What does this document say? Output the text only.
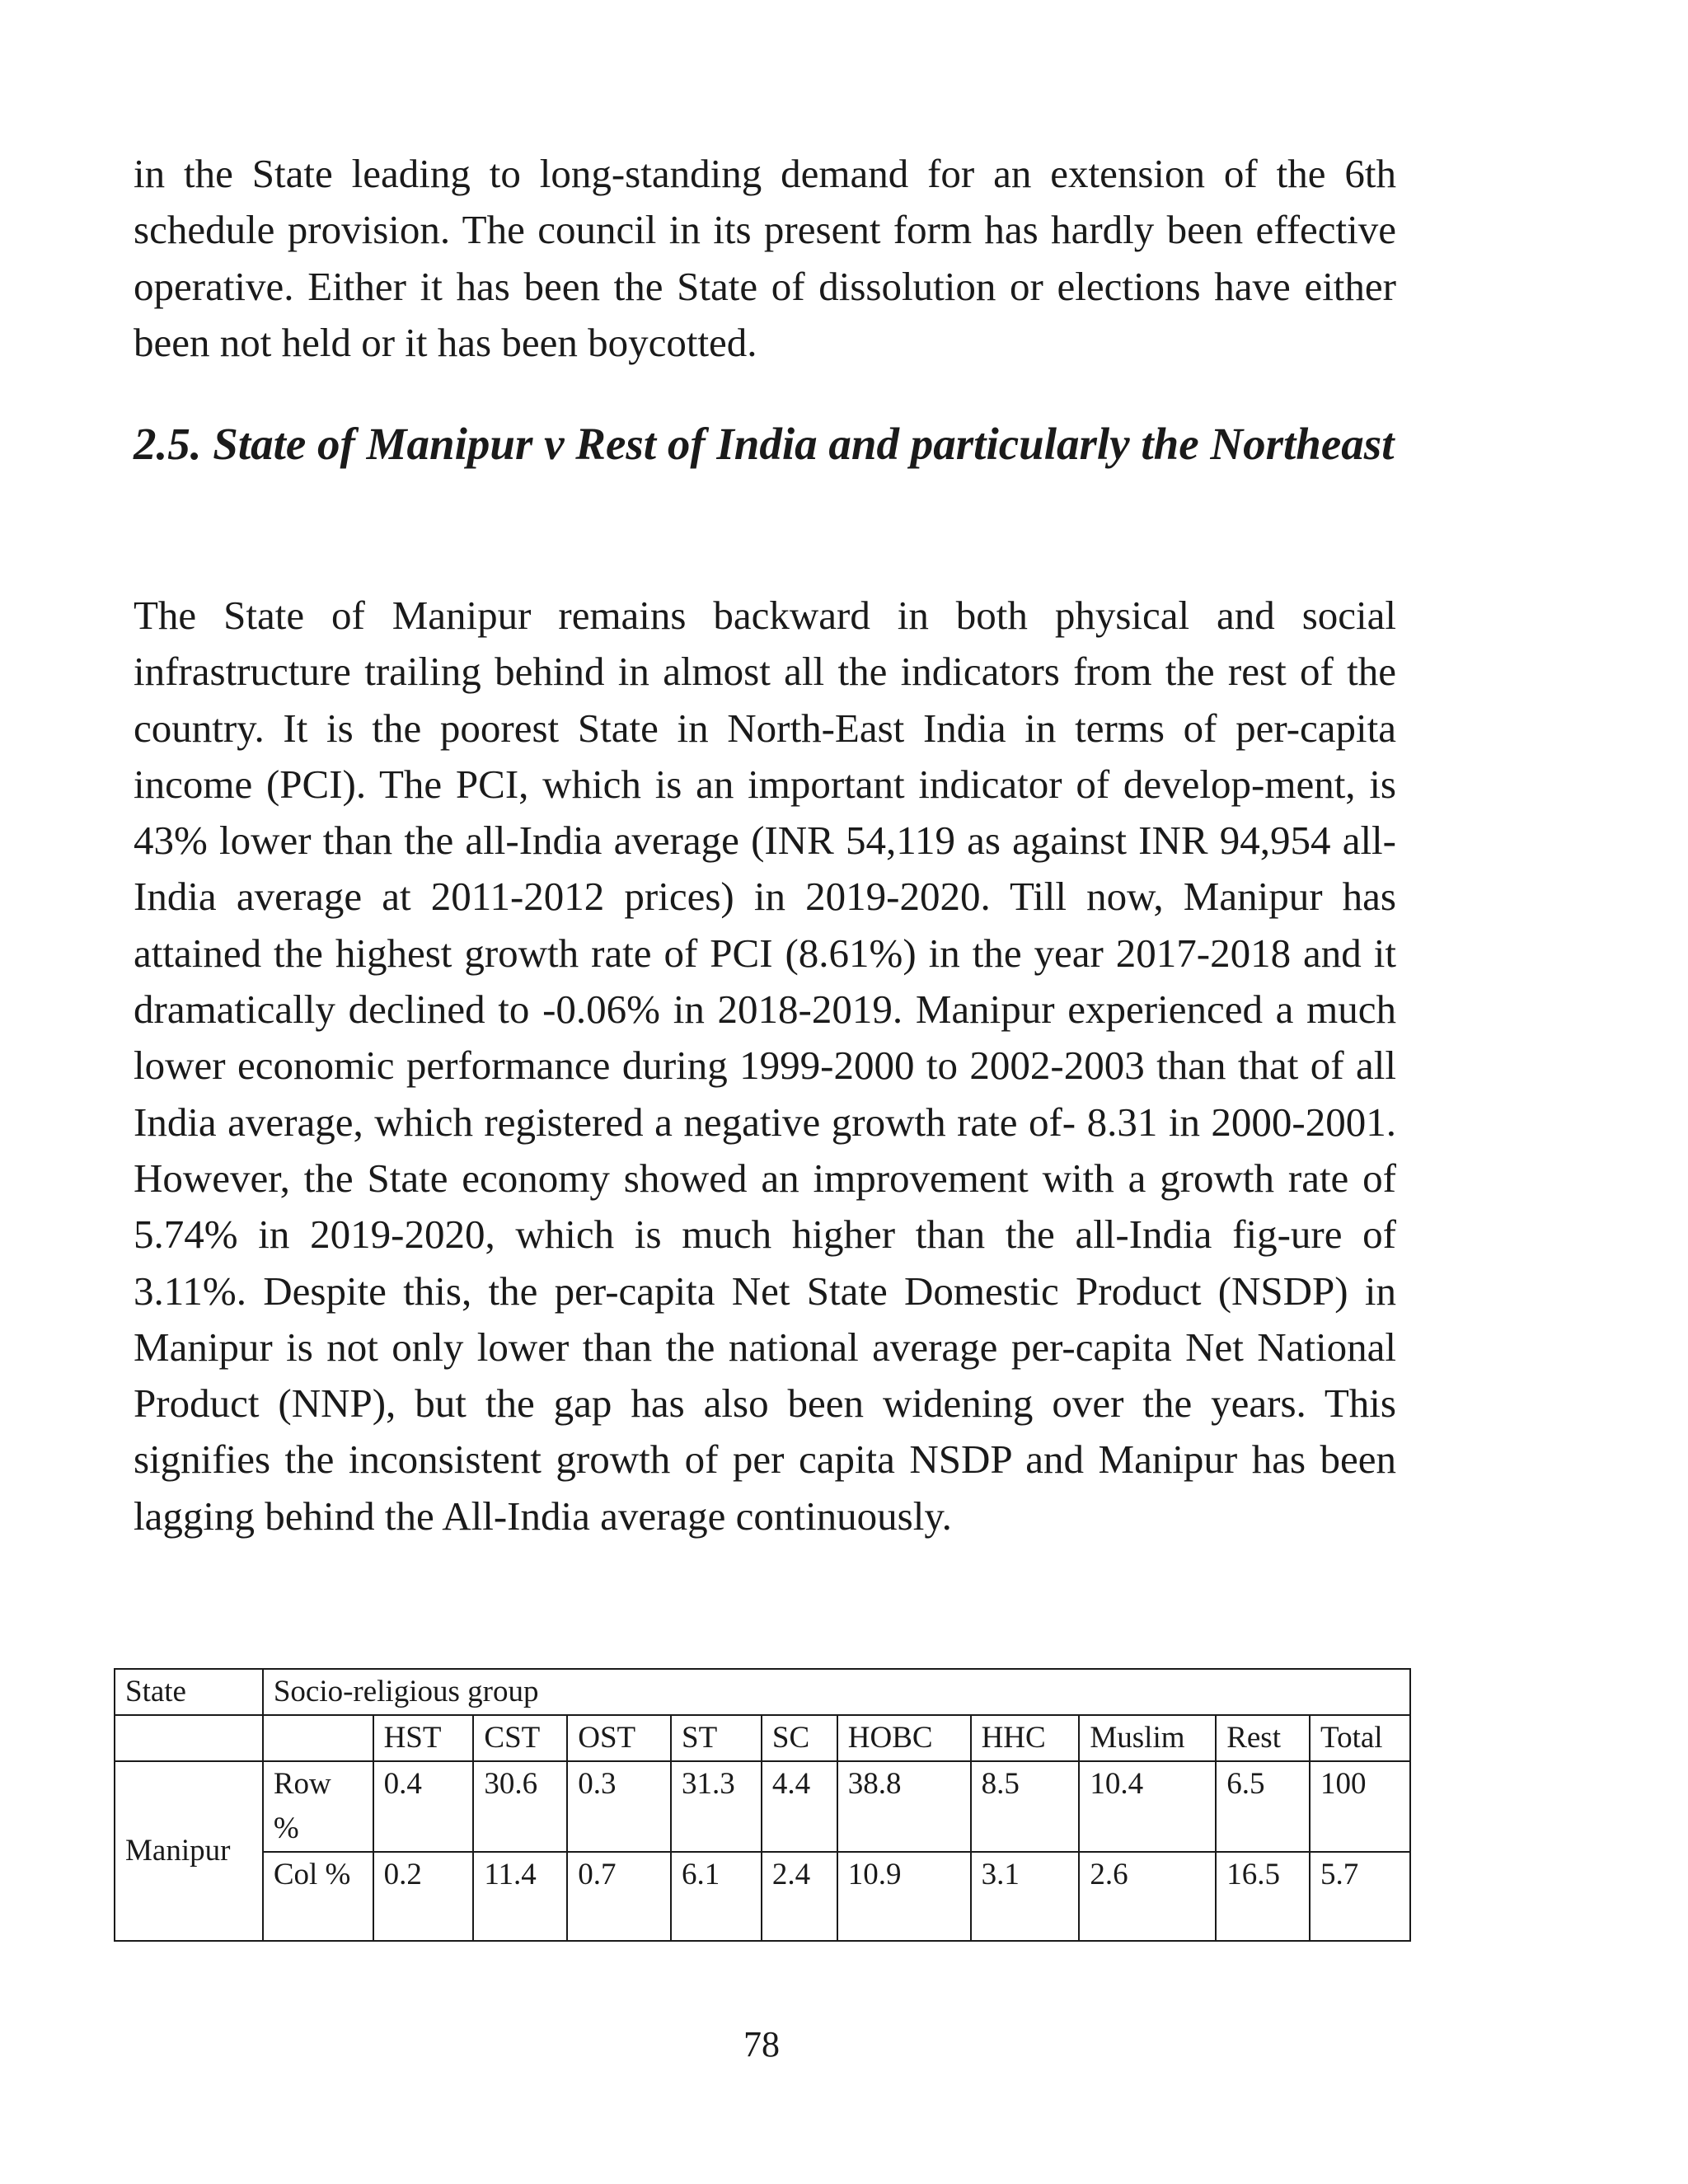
in the State leading to long-standing demand for an extension of the 6th schedule provision. The council in its present form has hardly been effective operative. Either it has been the State of dissolution or elections have either been not held or it has been boycotted.

2.5. State of Manipur v Rest of India and particularly the Northeast

The State of Manipur remains backward in both physical and social infrastructure trailing behind in almost all the indicators from the rest of the country. It is the poorest State in North-East India in terms of per-capita income (PCI). The PCI, which is an important indicator of develop-ment, is 43% lower than the all-India average (INR 54,119 as against INR 94,954 all-India average at 2011-2012 prices) in 2019-2020. Till now, Manipur has attained the highest growth rate of PCI (8.61%) in the year 2017-2018 and it dramatically declined to -0.06% in 2018-2019. Manipur experienced a much lower economic performance during 1999-2000 to 2002-2003 than that of all India average, which registered a negative growth rate of- 8.31 in 2000-2001. However, the State economy showed an improvement with a growth rate of 5.74% in 2019-2020, which is much higher than the all-India fig-ure of 3.11%. Despite this, the per-capita Net State Domestic Product (NSDP) in Manipur is not only lower than the national average per-capita Net National Product (NNP), but the gap has also been widening over the years. This signifies the inconsistent growth of per capita NSDP and Manipur has been lagging behind the All-India average continuously.

State	Socio-religious group										
		HST	CST	OST	ST	SC	HOBC	HHC	Muslim	Rest	Total
Manipur	Row %	0.4	30.6	0.3	31.3	4.4	38.8	8.5	10.4	6.5	100
	Col %	0.2	11.4	0.7	6.1	2.4	10.9	3.1	2.6	16.5	5.7
78
